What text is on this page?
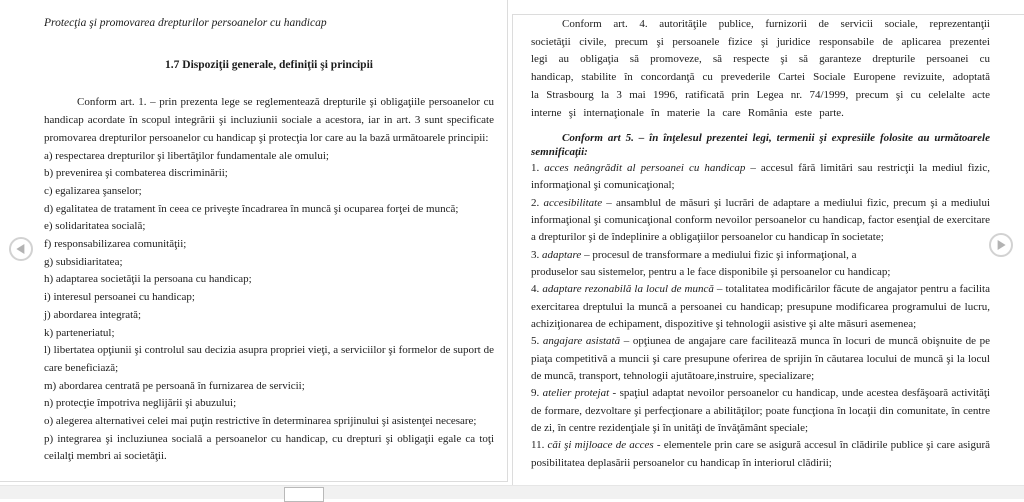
Protecţia şi promovarea drepturilor persoanelor cu handicap
1.7 Dispoziţii generale, definiţii şi principii

Conform art. 1. – prin prezenta lege se reglementează drepturile şi obligaţiile persoanelor cu handicap acordate în scopul integrării şi incluziunii sociale a acestora, iar in art. 3 sunt specificate promovarea drepturilor persoanelor cu handicap şi protecţia lor care au la bază următoarele principii:

a) respectarea drepturilor şi libertăţilor fundamentale ale omului;
b) prevenirea şi combaterea discriminării;
c) egalizarea şanselor;
d) egalitatea de tratament în ceea ce priveşte încadrarea în muncă şi ocuparea forţei de muncă;
e) solidaritatea socială;
f) responsabilizarea comunităţii;
g) subsidiaritatea;
h) adaptarea societăţii la persoana cu handicap;
i) interesul persoanei cu handicap;
j) abordarea integrată;
k) parteneriatul;
l) libertatea opţiunii şi controlul sau decizia asupra propriei vieţi, a serviciilor şi formelor de suport de care beneficiază;
m) abordarea centrată pe persoană în furnizarea de servicii;
n) protecţie împotriva neglijării şi abuzului;
o) alegerea alternativei celei mai puţin restrictive în determinarea sprijinului şi asistenţei necesare;
p) integrarea şi incluziunea socială a persoanelor cu handicap, cu drepturi şi obligaţii egale ca toţi ceilalţi membri ai societăţii.

Conform art. 4. autorităţile publice, furnizorii de servicii sociale, reprezentanţii societăţii civile, precum şi persoanele fizice şi juridice responsabile de aplicarea prezentei legi au obligaţia să promoveze, să respecte şi să garanteze drepturile persoanei cu handicap, stabilite în concordanţă cu prevederile Cartei Sociale Europene revizuite, adoptată la Strasbourg la 3 mai 1996, ratificată prin Legea nr. 74/1999, precum şi cu celelalte acte interne şi internaţionale în materie la care România este parte.

Conform art 5. – în înţelesul prezentei legi, termenii şi expresiile folosite au următoarele semnificaţii:

1. acces neângrădit al persoanei cu handicap – accesul fără limitări sau restricţii la mediul fizic, informaţional şi comunicaţional;
2. accesibilitate – ansamblul de măsuri şi lucrări de adaptare a mediului fizic, precum şi a mediului informaţional şi comunicaţional conform nevoilor persoanelor cu handicap, factor esenţial de exercitare a drepturilor şi de îndeplinire a obligaţiilor persoanelor cu handicap în societate;
3. adaptare – procesul de transformare a mediului fizic şi informaţional, a
produselor sau sistemelor, pentru a le face disponibile şi persoanelor cu handicap;
4. adaptare rezonabilă la locul de muncă – totalitatea modificărilor făcute de angajator pentru a facilita exercitarea dreptului la muncă a persoanei cu handicap; presupune modificarea programului de lucru, achiziţionarea de echipament, dispozitive şi tehnologii asistive şi alte măsuri asemenea;
5. angajare asistată – opţiunea de angajare care facilitează munca în locuri de muncă obişnuite de pe piaţa competitivă a muncii şi care presupune oferirea de sprijin în căutarea locului de muncă şi la locul de muncă, transport, tehnologii ajutătoare,instruire, specializare;
9. atelier protejat - spaţiul adaptat nevoilor persoanelor cu handicap, unde acestea desfăşoară activităţi de formare, dezvoltare şi perfecţionare a abilităţilor; poate funcţiona în locaţii din comunitate, în centre de zi, în centre rezidenţiale şi în unităţi de învăţământ speciale;
11. căi şi mijloace de acces - elementele prin care se asigură accesul în clădirile publice şi care asigură posibilitatea deplasării persoanelor cu handicap în interiorul clădirii;
